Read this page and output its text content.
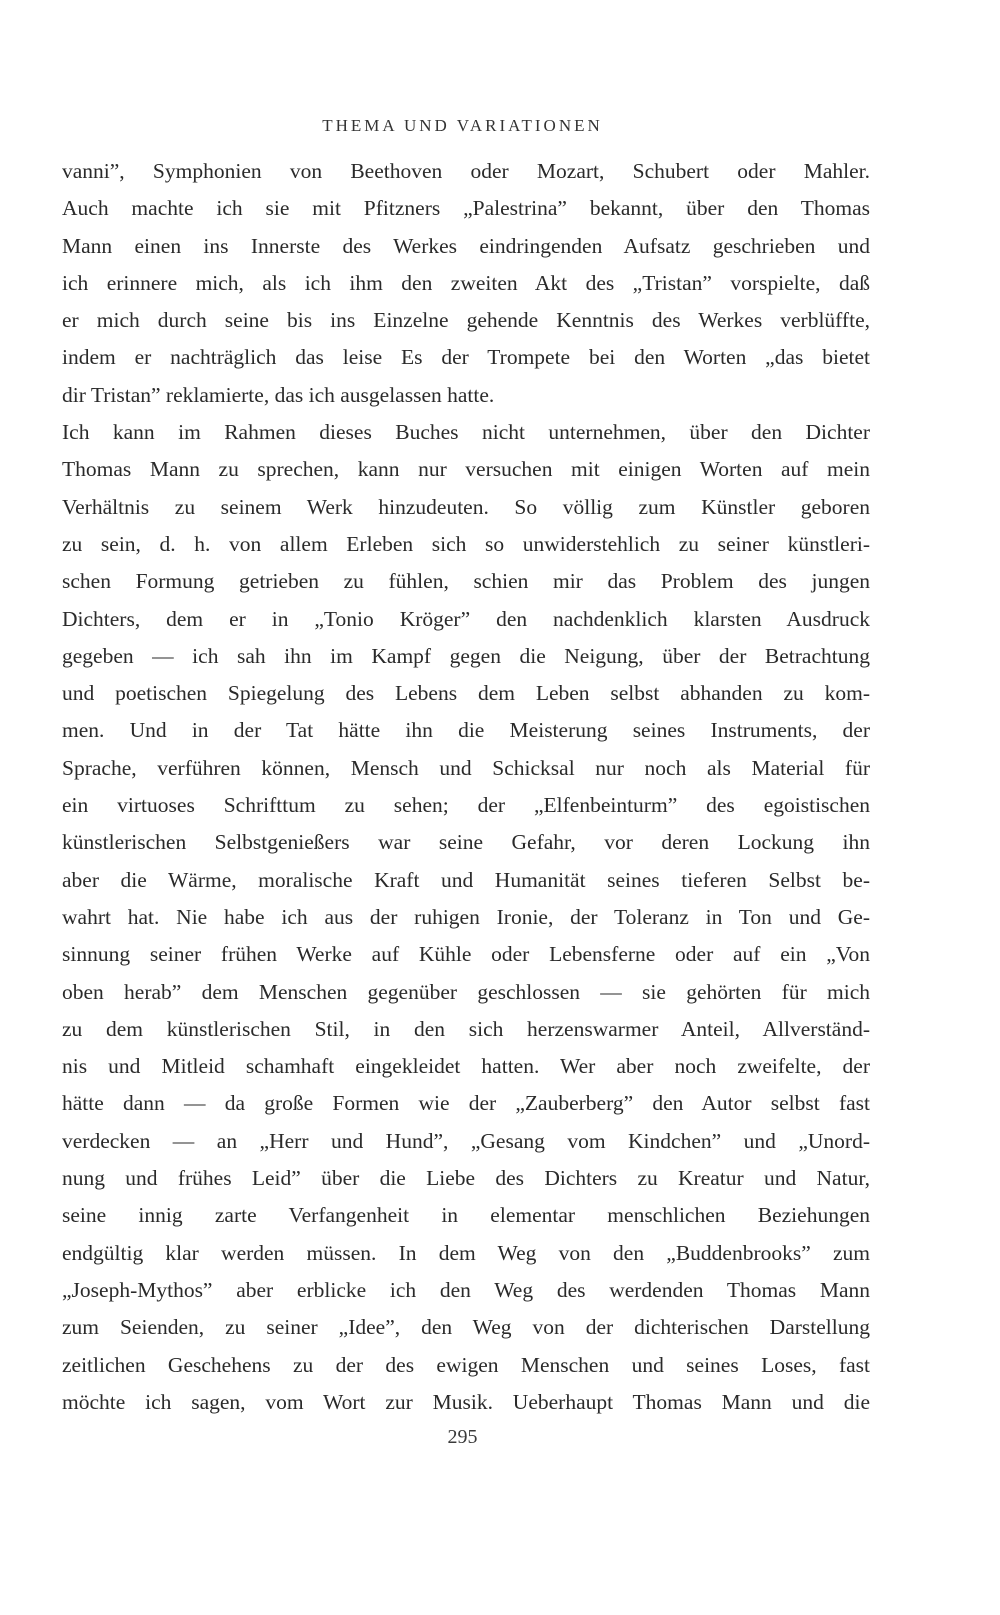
THEMA UND VARIATIONEN
vanni”, Symphonien von Beethoven oder Mozart, Schubert oder Mahler.
Auch machte ich sie mit Pfitzners „Palestrina” bekannt, über den Thomas
Mann einen ins Innerste des Werkes eindringenden Aufsatz geschrieben und
ich erinnere mich, als ich ihm den zweiten Akt des „Tristan” vorspielte, daß
er mich durch seine bis ins Einzelne gehende Kenntnis des Werkes verblüffte,
indem er nachträglich das leise Es der Trompete bei den Worten „das bietet
dir Tristan” reklamierte, das ich ausgelassen hatte.
Ich kann im Rahmen dieses Buches nicht unternehmen, über den Dichter
Thomas Mann zu sprechen, kann nur versuchen mit einigen Worten auf mein
Verhältnis zu seinem Werk hinzudeuten. So völlig zum Künstler geboren
zu sein, d. h. von allem Erleben sich so unwiderstehlich zu seiner künstleri-
schen Formung getrieben zu fühlen, schien mir das Problem des jungen
Dichters, dem er in „Tonio Kröger” den nachdenklich klarsten Ausdruck
gegeben — ich sah ihn im Kampf gegen die Neigung, über der Betrachtung
und poetischen Spiegelung des Lebens dem Leben selbst abhanden zu kom-
men. Und in der Tat hätte ihn die Meisterung seines Instruments, der
Sprache, verführen können, Mensch und Schicksal nur noch als Material für
ein virtuoses Schrifttum zu sehen; der „Elfenbeinturm” des egoistischen
künstlerischen Selbstgenießers war seine Gefahr, vor deren Lockung ihn
aber die Wärme, moralische Kraft und Humanität seines tieferen Selbst be-
wahrt hat. Nie habe ich aus der ruhigen Ironie, der Toleranz in Ton und Ge-
sinnung seiner frühen Werke auf Kühle oder Lebensferne oder auf ein „Von
oben herab” dem Menschen gegenüber geschlossen — sie gehörten für mich
zu dem künstlerischen Stil, in den sich herzenswarmer Anteil, Allverständ-
nis und Mitleid schamhaft eingekleidet hatten. Wer aber noch zweifelte, der
hätte dann — da große Formen wie der „Zauberberg” den Autor selbst fast
verdecken — an „Herr und Hund”, „Gesang vom Kindchen” und „Unord-
nung und frühes Leid” über die Liebe des Dichters zu Kreatur und Natur,
seine innig zarte Verfangenheit in elementar menschlichen Beziehungen
endgültig klar werden müssen. In dem Weg von den „Buddenbrooks” zum
„Joseph-Mythos” aber erblicke ich den Weg des werdenden Thomas Mann
zum Seienden, zu seiner „Idee”, den Weg von der dichterischen Darstellung
zeitlichen Geschehens zu der des ewigen Menschen und seines Loses, fast
möchte ich sagen, vom Wort zur Musik. Ueberhaupt Thomas Mann und die
295
